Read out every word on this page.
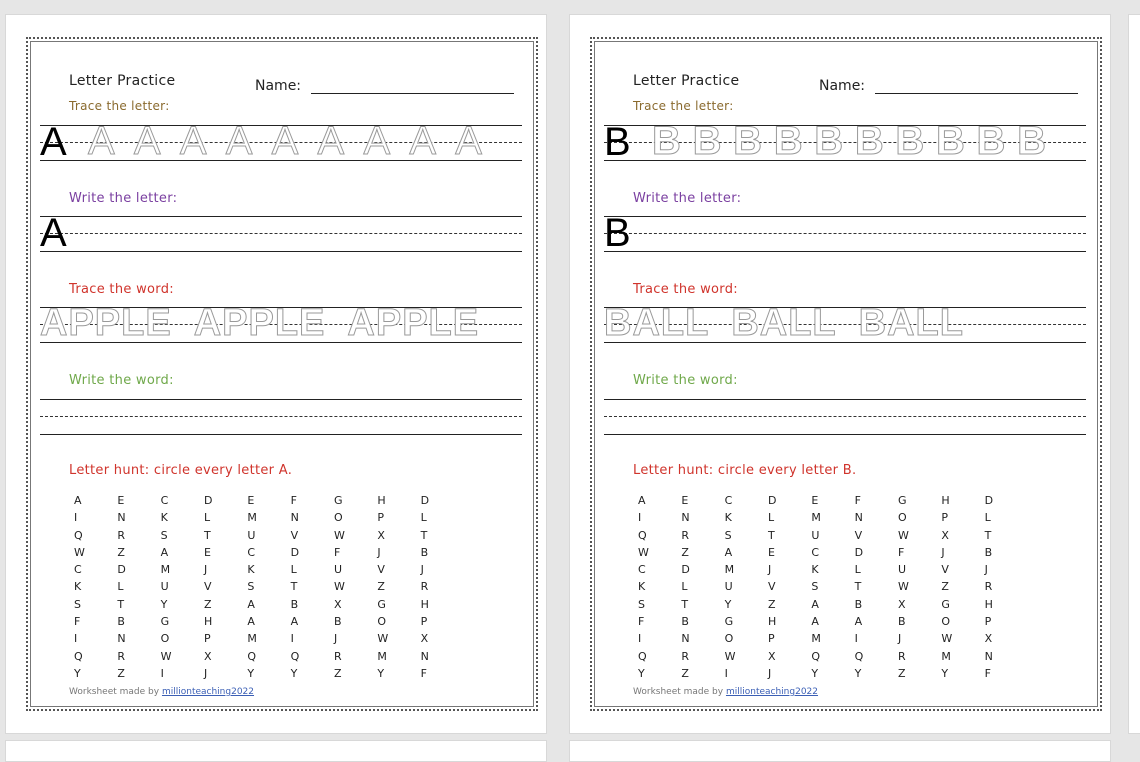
Letter Practice	Name:
Trace the letter:
A A A A A A A A A A
Write the letter:
A
Trace the word:
APPLE APPLE APPLE
Write the word:
Letter hunt: circle every letter A.
A	E	C	D	E	F	G	H	D
I	N	K	L	M	N	O	P	L
Q	R	S	T	U	V	W	X	T
W	Z	A	E	C	D	F	J	B
C	D	M	J	K	L	U	V	J
K	L	U	V	S	T	W	Z	R
S	T	Y	Z	A	B	X	G	H
F	B	G	H	A	A	B	O	P
I	N	O	P	M	I	J	W	X
Q	R	W	X	Q	Q	R	M	N
Y	Z	I	J	Y	Y	Z	Y	F
Worksheet made by millionteaching2022
Letter Practice	Name:
Trace the letter:
B B B B B B B B B B B
Write the letter:
B
Trace the word:
BALL BALL BALL
Write the word:
Letter hunt: circle every letter B.
A	E	C	D	E	F	G	H	D
I	N	K	L	M	N	O	P	L
Q	R	S	T	U	V	W	X	T
W	Z	A	E	C	D	F	J	B
C	D	M	J	K	L	U	V	J
K	L	U	V	S	T	W	Z	R
S	T	Y	Z	A	B	X	G	H
F	B	G	H	A	A	B	O	P
I	N	O	P	M	I	J	W	X
Q	R	W	X	Q	Q	R	M	N
Y	Z	I	J	Y	Y	Z	Y	F
Worksheet made by millionteaching2022
